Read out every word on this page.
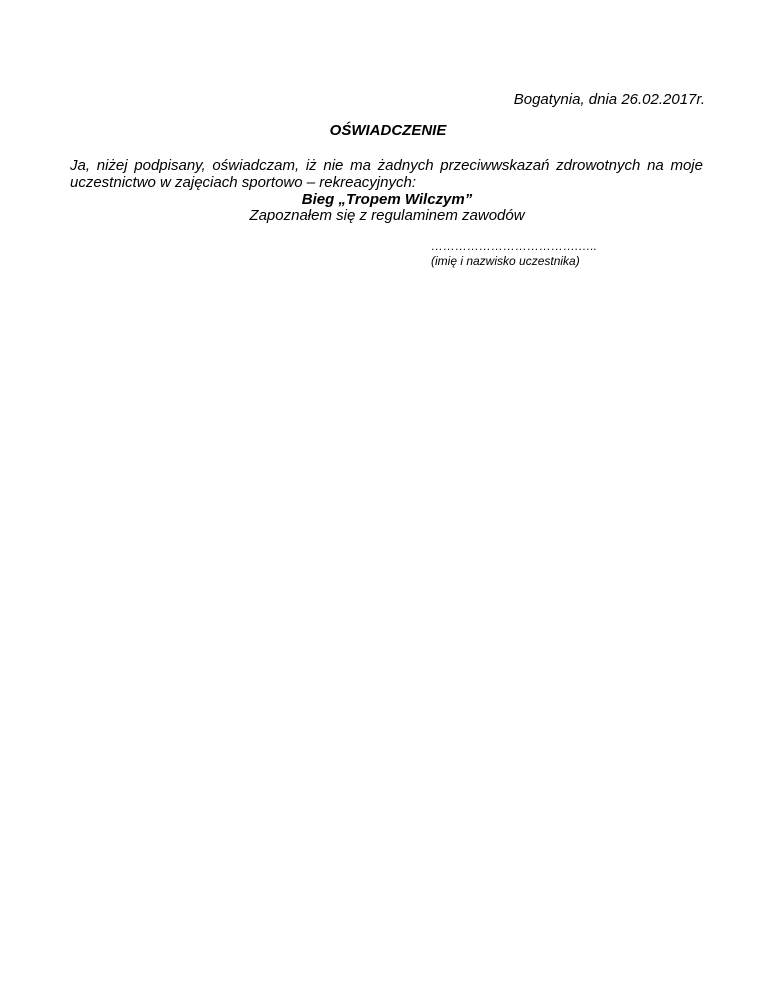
Bogatynia, dnia 26.02.2017r.
OŚWIADCZENIE
Ja, niżej podpisany, oświadczam, iż nie ma żadnych przeciwwskazań zdrowotnych na moje
uczestnictwo w zajęciach sportowo – rekreacyjnych:
Bieg „Tropem Wilczym”
Zapoznałem się z regulaminem zawodów
……………………………….…..
(imię i nazwisko uczestnika)
